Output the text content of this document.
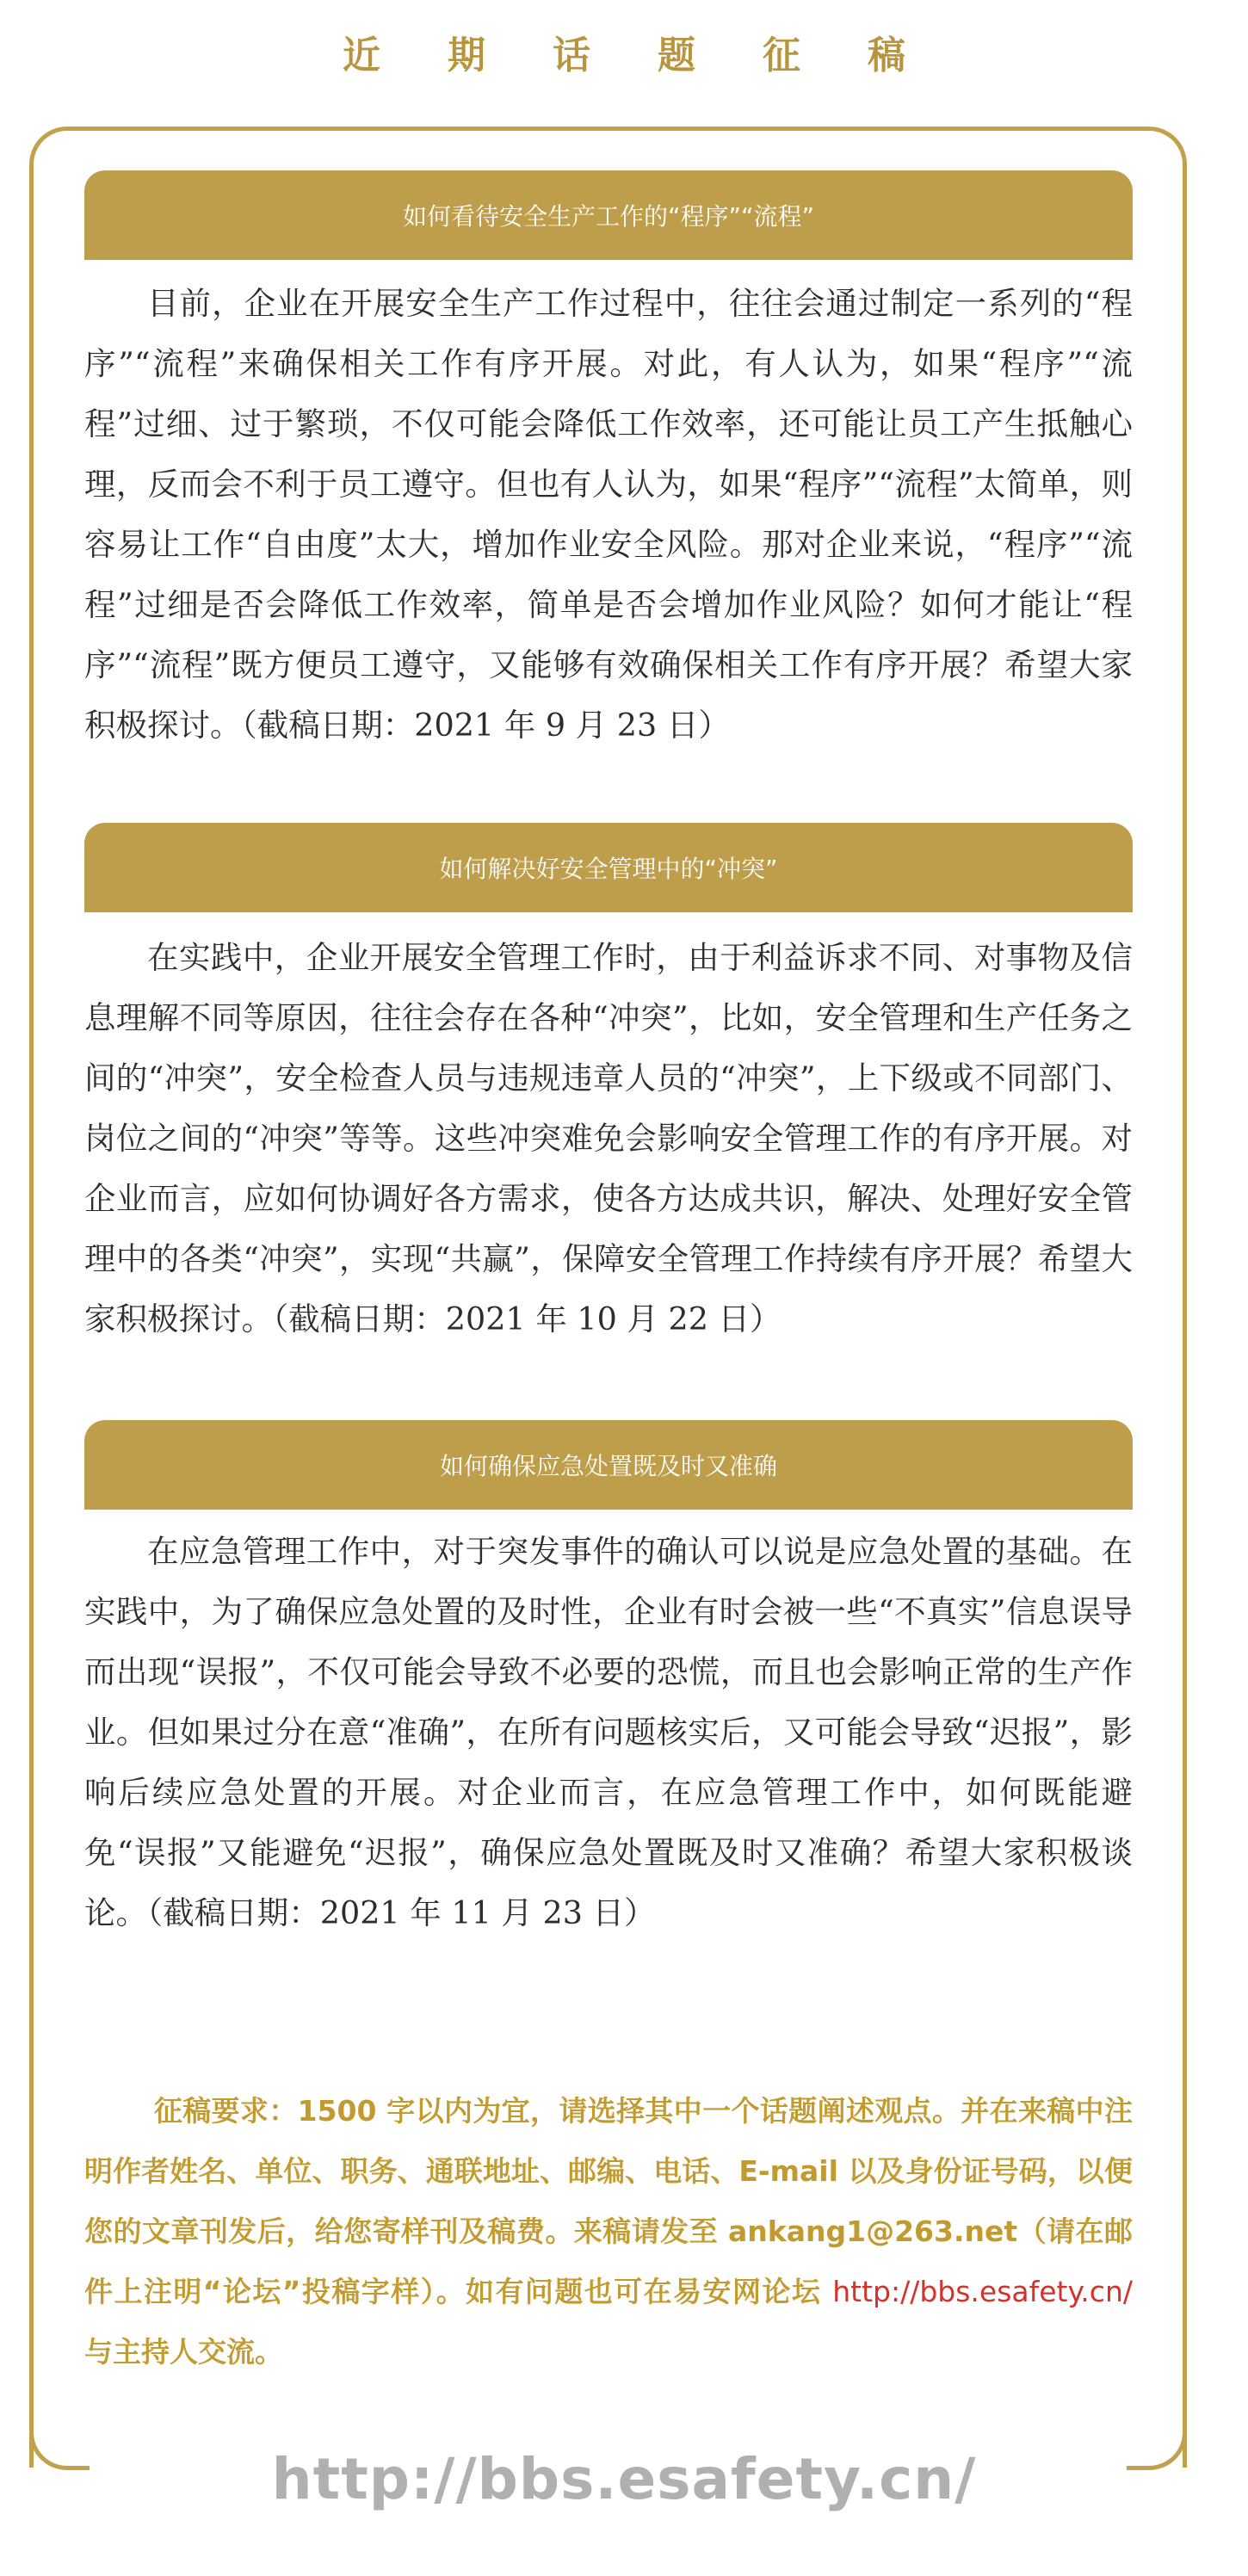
近期话题征稿
如何看待安全生产工作的“程序”“流程”

目前，企业在开展安全生产工作过程中，往往会通过制定一系列的“程序”“流程”来确保相关工作有序开展。对此，有人认为，如果“程序”“流程”过细、过于繁琐，不仅可能会降低工作效率，还可能让员工产生抵触心理，反而会不利于员工遵守。但也有人认为，如果“程序”“流程”太简单，则容易让工作“自由度”太大，增加作业安全风险。那对企业来说，“程序”“流程”过细是否会降低工作效率，简单是否会增加作业风险？如何才能让“程序”“流程”既方便员工遵守，又能够有效确保相关工作有序开展？希望大家积极探讨。（截稿日期：2021 年 9 月 23 日）

如何解决好安全管理中的“冲突”

在实践中，企业开展安全管理工作时，由于利益诉求不同、对事物及信息理解不同等原因，往往会存在各种“冲突”，比如，安全管理和生产任务之间的“冲突”，安全检查人员与违规违章人员的“冲突”，上下级或不同部门、岗位之间的“冲突”等等。这些冲突难免会影响安全管理工作的有序开展。对企业而言，应如何协调好各方需求，使各方达成共识，解决、处理好安全管理中的各类“冲突”，实现“共赢”，保障安全管理工作持续有序开展？希望大家积极探讨。（截稿日期：2021 年 10 月 22 日）

如何确保应急处置既及时又准确

在应急管理工作中，对于突发事件的确认可以说是应急处置的基础。在实践中，为了确保应急处置的及时性，企业有时会被一些“不真实”信息误导而出现“误报”，不仅可能会导致不必要的恐慌，而且也会影响正常的生产作业。但如果过分在意“准确”，在所有问题核实后，又可能会导致“迟报”，影响后续应急处置的开展。对企业而言，在应急管理工作中，如何既能避免“误报”又能避免“迟报”，确保应急处置既及时又准确？希望大家积极谈论。（截稿日期：2021 年 11 月 23 日）

征稿要求：1500 字以内为宜，请选择其中一个话题阐述观点。并在来稿中注明作者姓名、单位、职务、通联地址、邮编、电话、E-mail 以及身份证号码，以便您的文章刊发后，给您寄样刊及稿费。来稿请发至 ankang1@263.net（请在邮件上注明“论坛”投稿字样）。如有问题也可在易安网论坛 http://bbs.esafety.cn/ 与主持人交流。

http://bbs.esafety.cn/
